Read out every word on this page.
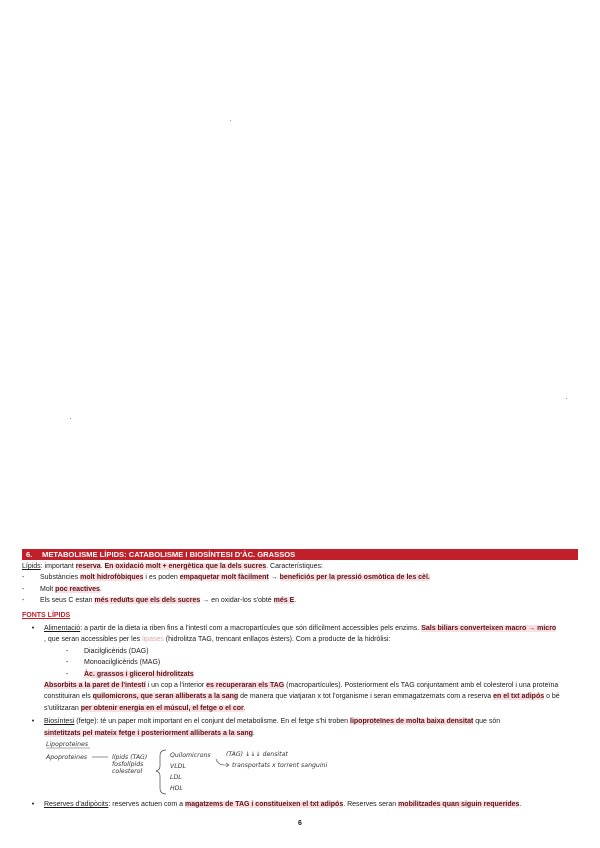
6. METABOLISME LÍPIDS: CATABOLISME I BIOSÍNTESI D'ÀC. GRASSOS
Lípids: important reserva. En oxidació molt + energètica que la dels sucres. Característiques:
- Substàncies molt hidrofòbiques i es poden empaquetar molt fàcilment → beneficiós per la pressió osmòtica de les cèl.
- Molt poc reactives.
- Els seus C estan més reduïts que els dels sucres → en oxidar-los s'obté més E.
FONTS LÍPIDS
• Alimentació: a partir de la dieta ia riben fins a l'intestí com a macropartícules que són difícilment accessibles pels enzims. Sals biliars converteixen macro → micro
, que seran accessibles per les lipases (hidrolitza TAG, trencant enllaços èsters). Com a producte de la hidròlisi:
- Diacilglicèrids (DAG)
- Monoacilglicèrids (MAG)
- Àc. grassos i glicerol hidrolitzats
Absorbits a la paret de l'intestí i un cop a l'interior es recuperaran els TAG (macropartícules). Posteriorment els TAG conjuntament amb el colesterol i una proteïna constituiran els quilomicrons, que seran alliberats a la sang de manera que viatjaran x tot l'organisme i seran emmagatzemats com a reserva en el txt adipós o bé s'utilitzaran per obtenir energia en el múscul, el fetge o el cor.
• Biosíntesi (fetge): té un paper molt important en el conjunt del metabolisme. En el fetge s'hi troben lipoproteïnes de molta baixa densitat que són
sintetitzats pel mateix fetge i posteriorment alliberats a la sang.
Lipoproteines
Apoproteines	lípids (TAG)
fosfolípids
colesterol
Quilomicrons
VLDL
LDL
HDL
(TAG) ↓↓↓ densitat
transportats x torrent sanguini
• Reserves d'adipòcits: reserves actuen com a magatzems de TAG i constitueixen el txt adipós. Reserves seran mobilitzades quan siguin requerides.
6
